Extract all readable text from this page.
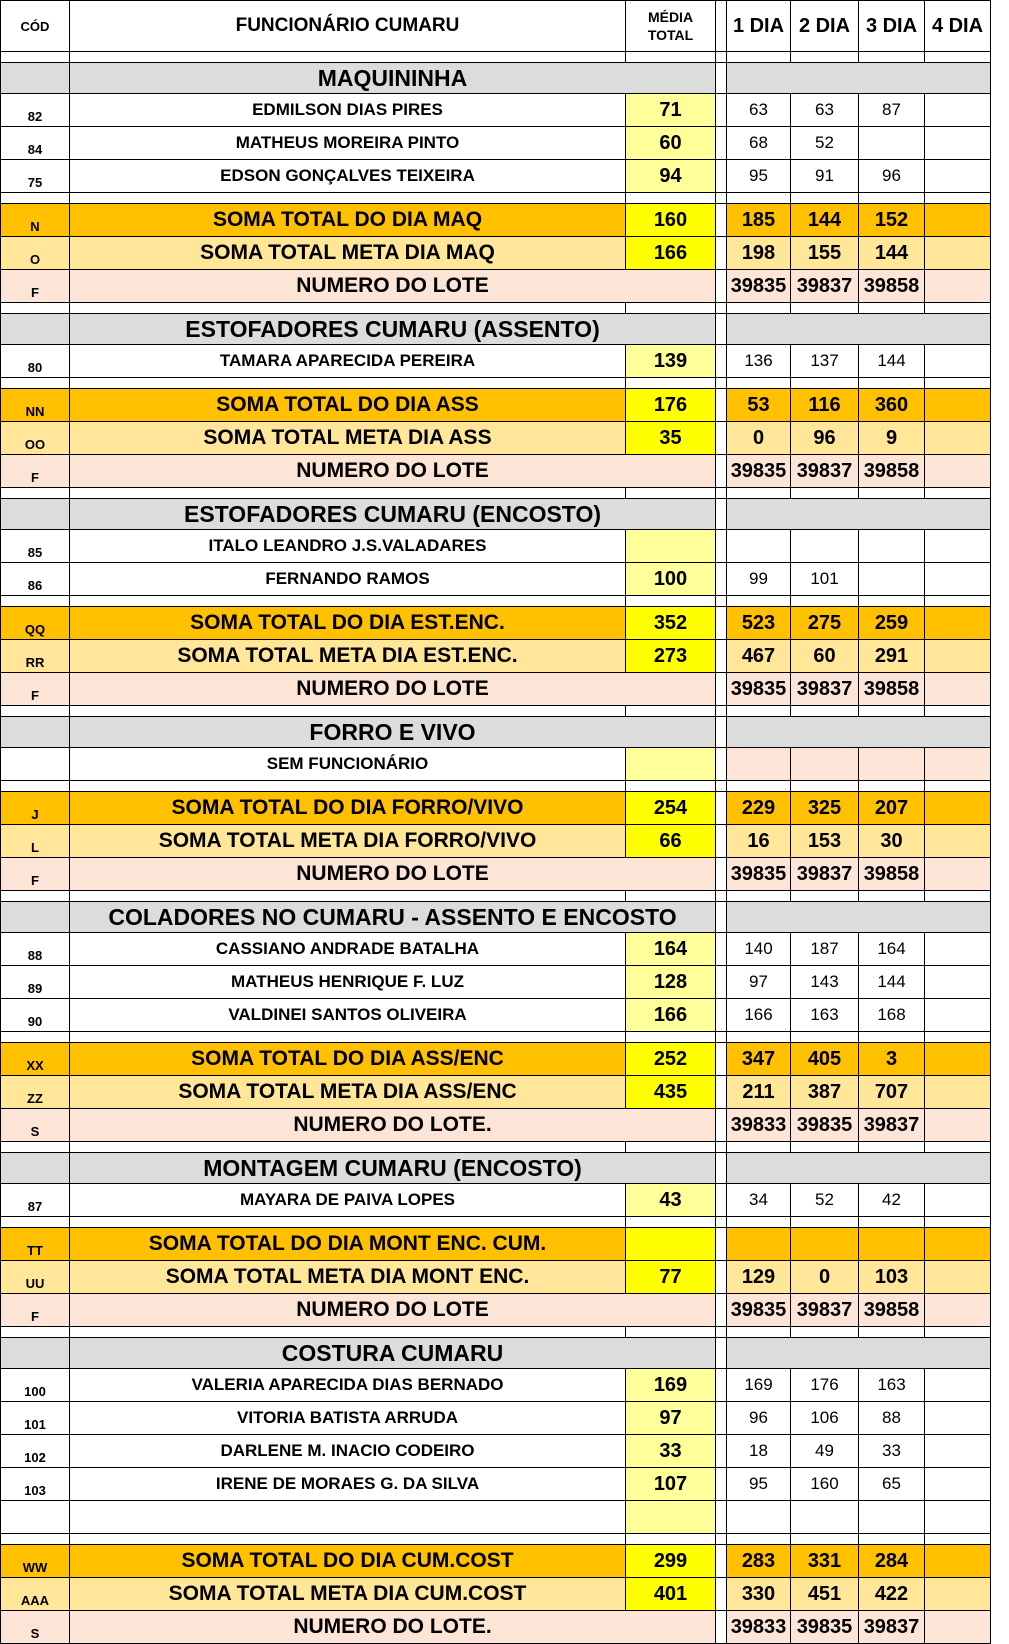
CÓD	FUNCIONÁRIO CUMARU	MÉDIA
TOTAL		1 DIA	2 DIA	3 DIA	4 DIA

	MAQUININHA						
82	EDMILSON DIAS PIRES	71		63	63	87	
84	MATHEUS MOREIRA PINTO	60		68	52		
75	EDSON GONÇALVES TEIXEIRA	94		95	91	96	

N	SOMA TOTAL DO DIA MAQ	160		185	144	152	
O	SOMA TOTAL META DIA MAQ	166		198	155	144	
F	NUMERO DO LOTE			39835	39837	39858	

	ESTOFADORES CUMARU (ASSENTO)						
80	TAMARA APARECIDA PEREIRA	139		136	137	144	

NN	SOMA TOTAL DO DIA ASS	176		53	116	360	
OO	SOMA TOTAL META DIA ASS	35		0	96	9	
F	NUMERO DO LOTE			39835	39837	39858	

	ESTOFADORES CUMARU (ENCOSTO)						
85	ITALO LEANDRO J.S.VALADARES						
86	FERNANDO RAMOS	100		99	101		

QQ	SOMA TOTAL DO DIA EST.ENC.	352		523	275	259	
RR	SOMA TOTAL META DIA EST.ENC.	273		467	60	291	
F	NUMERO DO LOTE			39835	39837	39858	

	FORRO E VIVO						
	SEM FUNCIONÁRIO						

J	SOMA TOTAL DO DIA FORRO/VIVO	254		229	325	207	
L	SOMA TOTAL META DIA FORRO/VIVO	66		16	153	30	
F	NUMERO DO LOTE			39835	39837	39858	

	COLADORES NO CUMARU - ASSENTO E ENCOSTO						
88	CASSIANO ANDRADE BATALHA	164		140	187	164	
89	MATHEUS HENRIQUE F. LUZ	128		97	143	144	
90	VALDINEI SANTOS OLIVEIRA	166		166	163	168	

XX	SOMA TOTAL DO DIA ASS/ENC	252		347	405	3	
ZZ	SOMA TOTAL META DIA ASS/ENC	435		211	387	707	
S	NUMERO DO LOTE.			39833	39835	39837	

	MONTAGEM CUMARU (ENCOSTO)						
87	MAYARA DE PAIVA LOPES	43		34	52	42	

TT	SOMA TOTAL DO DIA MONT ENC. CUM.						
UU	SOMA TOTAL META DIA MONT ENC.	77		129	0	103	
F	NUMERO DO LOTE			39835	39837	39858	

	COSTURA CUMARU						
100	VALERIA APARECIDA DIAS BERNADO	169		169	176	163	
101	VITORIA BATISTA ARRUDA	97		96	106	88	
102	DARLENE M. INACIO CODEIRO	33		18	49	33	
103	IRENE DE MORAES G. DA SILVA	107		95	160	65	

WW	SOMA TOTAL DO DIA CUM.COST	299		283	331	284	
AAA	SOMA TOTAL META DIA CUM.COST	401		330	451	422	
S	NUMERO DO LOTE.			39833	39835	39837	
